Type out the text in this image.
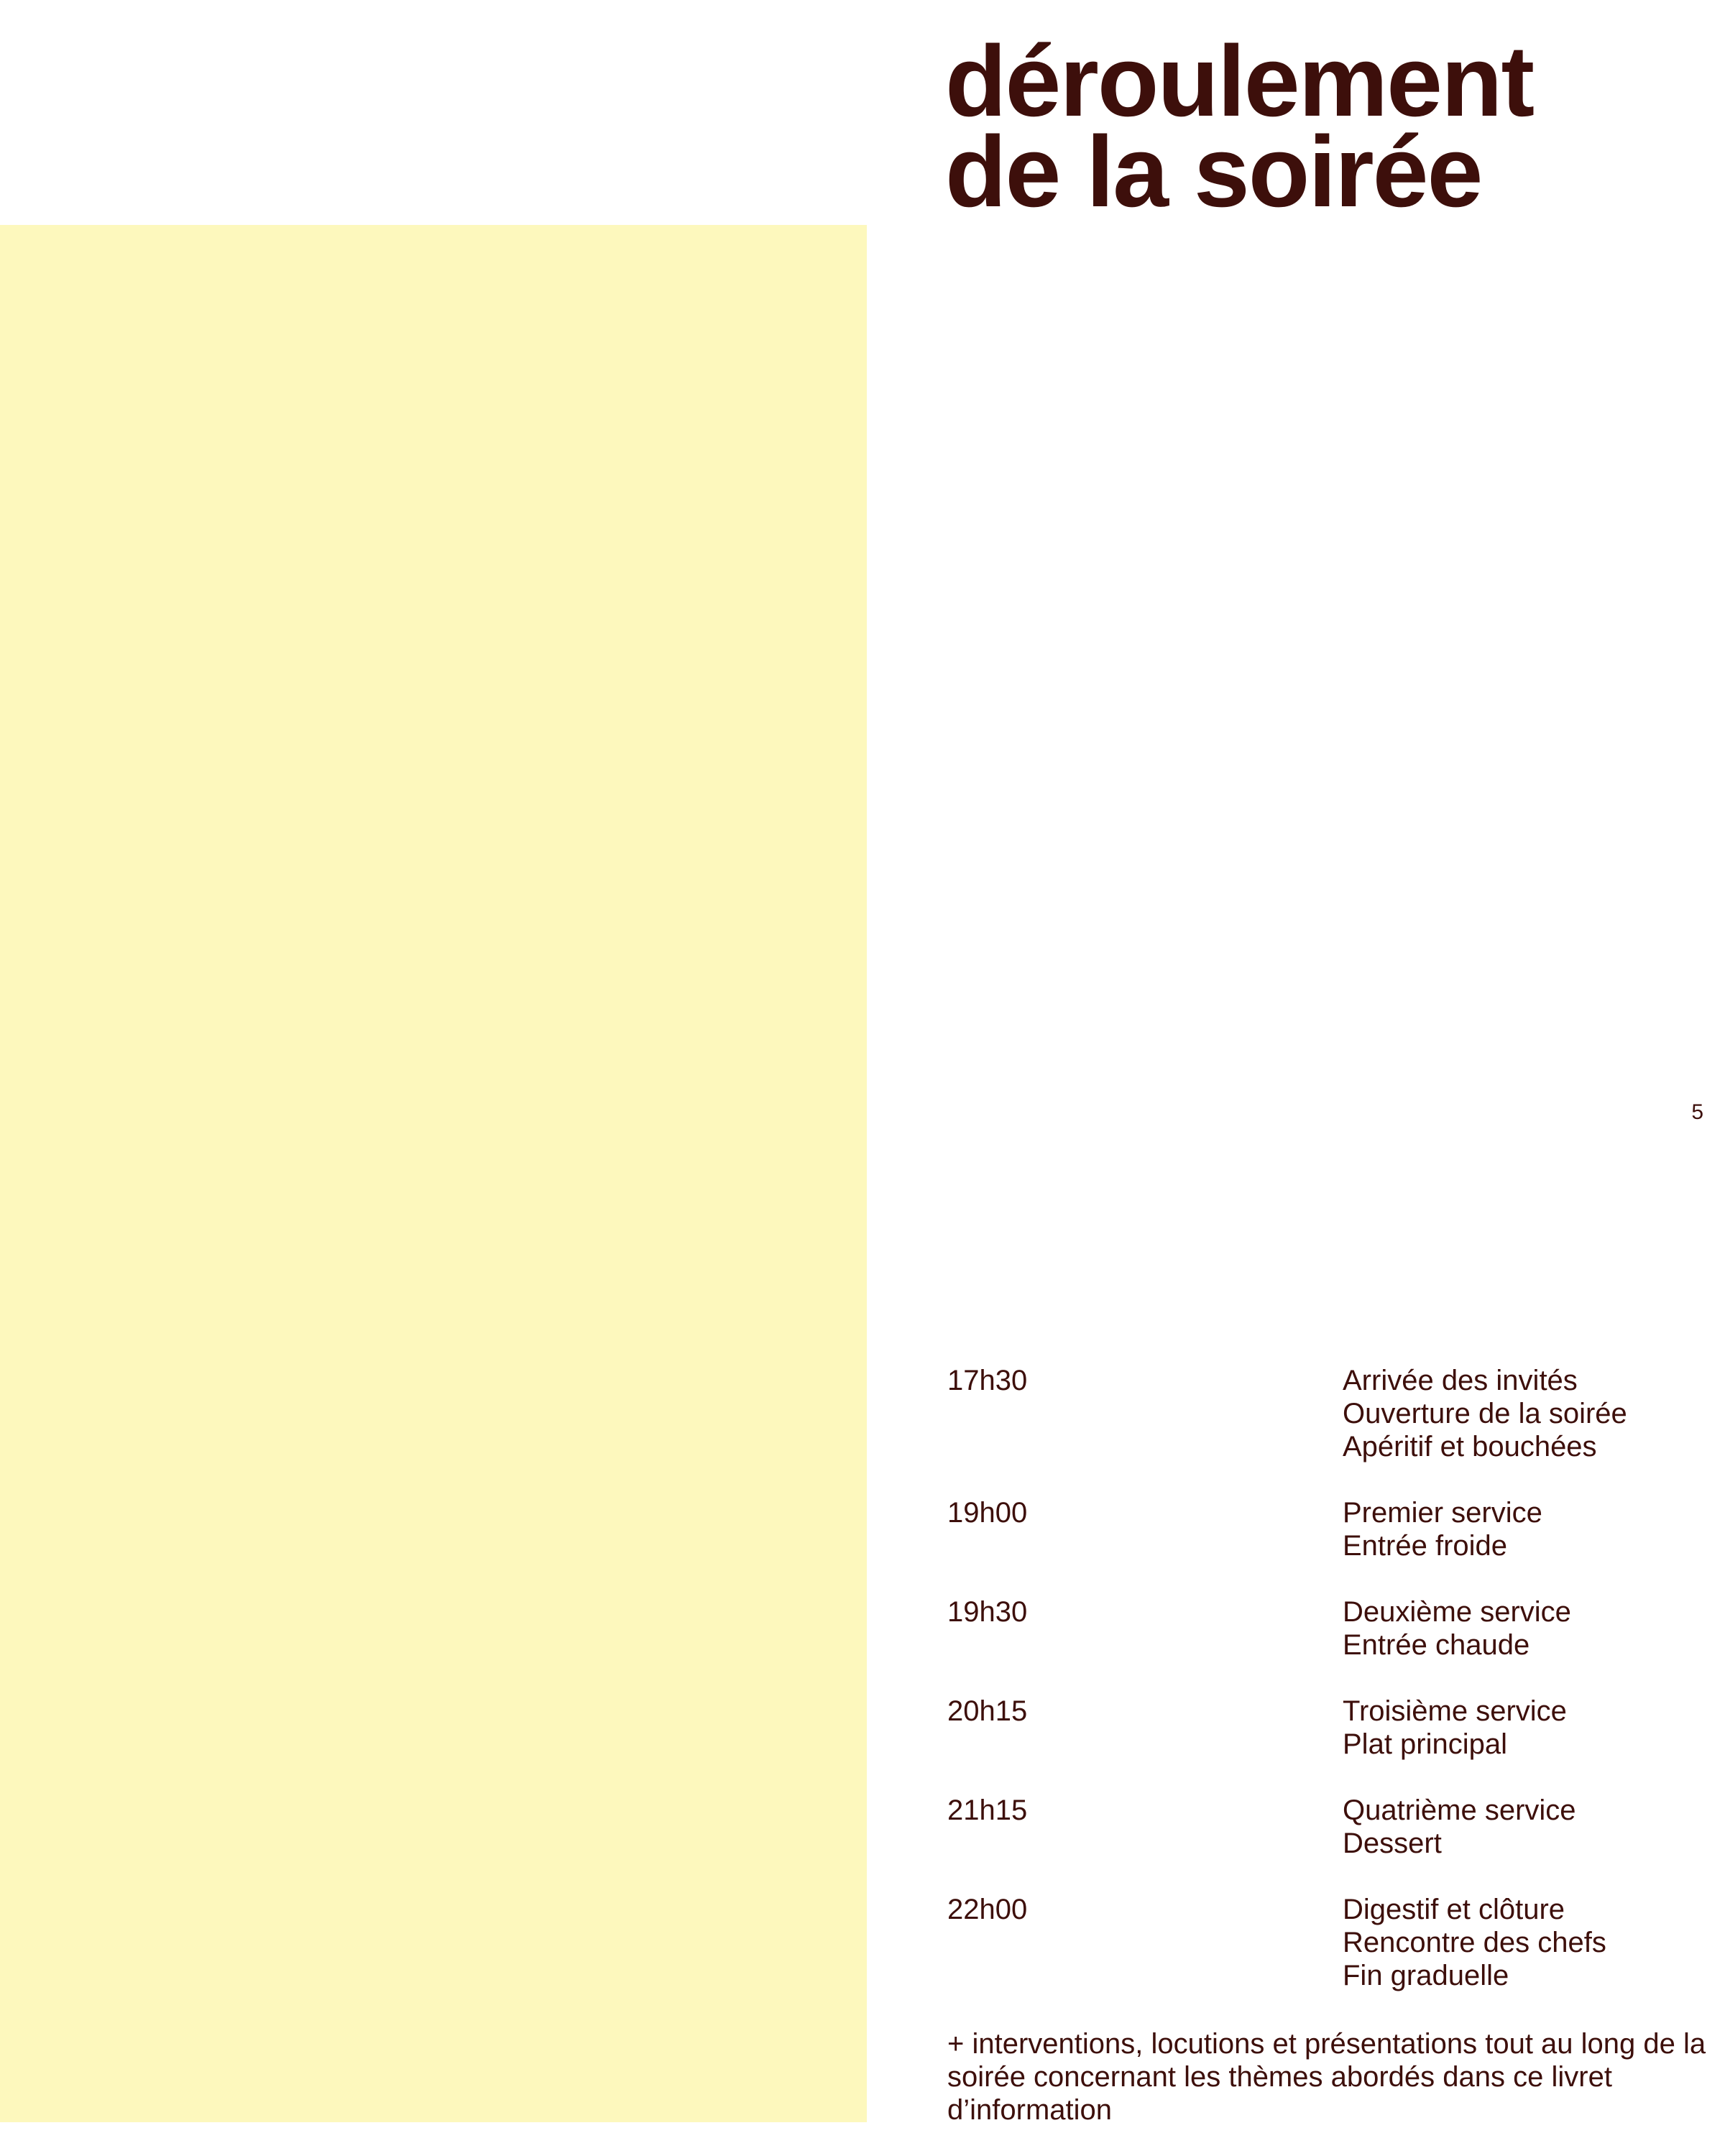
déroulement
de la soirée
5
17h30	Arrivée des invités
Ouverture de la soirée
Apéritif et bouchées
19h00	Premier service
Entrée froide
19h30	Deuxième service
Entrée chaude
20h15	Troisième service
Plat principal
21h15	Quatrième service
Dessert
22h00	Digestif et clôture
Rencontre des chefs
Fin graduelle

+ interventions, locutions et présentations tout au long de la soirée concernant les thèmes abordés dans ce livret d’information
